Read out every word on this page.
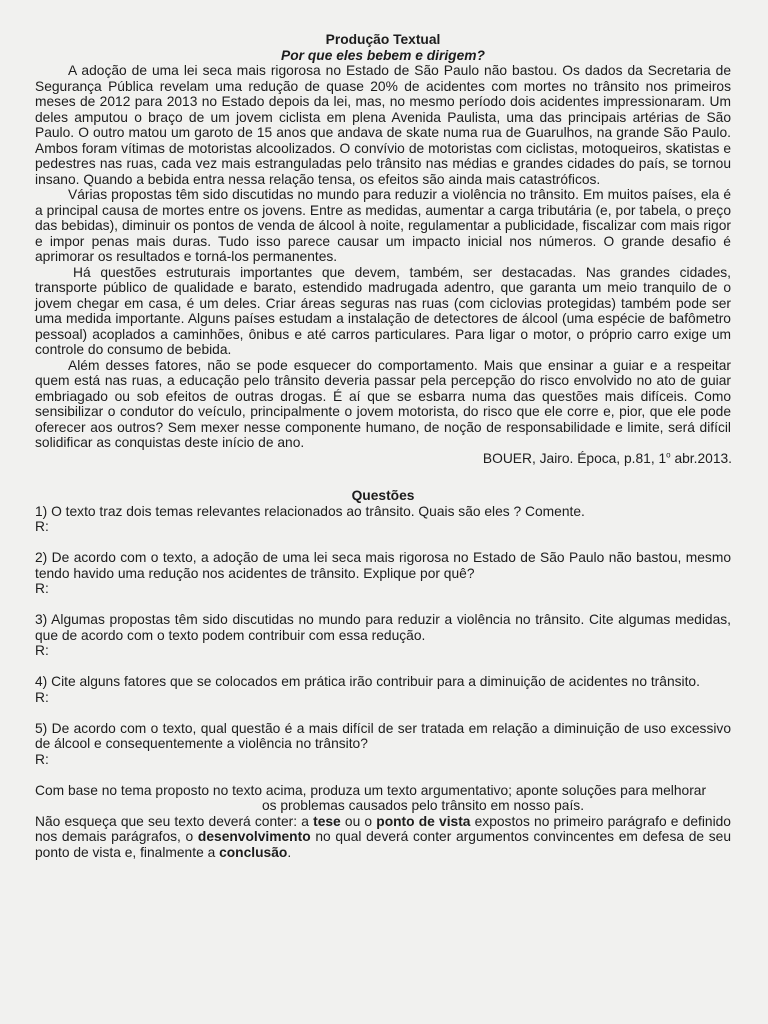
Produção Textual
Por que eles bebem e dirigem?

A adoção de uma lei seca mais rigorosa no Estado de São Paulo não bastou. Os dados da Secretaria de Segurança Pública revelam uma redução de quase 20% de acidentes com mortes no trânsito nos primeiros meses de 2012 para 2013 no Estado depois da lei, mas, no mesmo período dois acidentes impressionaram. Um deles amputou o braço de um jovem ciclista em plena Avenida Paulista, uma das principais artérias de São Paulo. O outro matou um garoto de 15 anos que andava de skate numa rua de Guarulhos, na grande São Paulo. Ambos foram vítimas de motoristas alcoolizados. O convívio de motoristas com ciclistas, motoqueiros, skatistas e pedestres nas ruas, cada vez mais estranguladas pelo trânsito nas médias e grandes cidades do país, se tornou insano. Quando a bebida entra nessa relação tensa, os efeitos são ainda mais catastróficos.

Várias propostas têm sido discutidas no mundo para reduzir a violência no trânsito. Em muitos países, ela é a principal causa de mortes entre os jovens. Entre as medidas, aumentar a carga tributária (e, por tabela, o preço das bebidas), diminuir os pontos de venda de álcool à noite, regulamentar a publicidade, fiscalizar com mais rigor e impor penas mais duras. Tudo isso parece causar um impacto inicial nos números. O grande desafio é aprimorar os resultados e torná-los permanentes.

Há questões estruturais importantes que devem, também, ser destacadas. Nas grandes cidades, transporte público de qualidade e barato, estendido madrugada adentro, que garanta um meio tranquilo de o jovem chegar em casa, é um deles. Criar áreas seguras nas ruas (com ciclovias protegidas) também pode ser uma medida importante. Alguns países estudam a instalação de detectores de álcool (uma espécie de bafômetro pessoal) acoplados a caminhões, ônibus e até carros particulares. Para ligar o motor, o próprio carro exige um controle do consumo de bebida.

Além desses fatores, não se pode esquecer do comportamento. Mais que ensinar a guiar e a respeitar quem está nas ruas, a educação pelo trânsito deveria passar pela percepção do risco envolvido no ato de guiar embriagado ou sob efeitos de outras drogas. É aí que se esbarra numa das questões mais difíceis. Como sensibilizar o condutor do veículo, principalmente o jovem motorista, do risco que ele corre e, pior, que ele pode oferecer aos outros? Sem mexer nesse componente humano, de noção de responsabilidade e limite, será difícil solidificar as conquistas deste início de ano.

BOUER, Jairo. Época, p.81, 1$^o$ abr.2013.
Questões

1) O texto traz dois temas relevantes relacionados ao trânsito. Quais são eles ? Comente.

R:

2) De acordo com o texto, a adoção de uma lei seca mais rigorosa no Estado de São Paulo não bastou, mesmo tendo havido uma redução nos acidentes de trânsito. Explique por quê?

R:

3) Algumas propostas têm sido discutidas no mundo para reduzir a violência no trânsito. Cite algumas medidas, que de acordo com o texto podem contribuir com essa redução.

R:

4) Cite alguns fatores que se colocados em prática irão contribuir para a diminuição de acidentes no trânsito.

R:

5) De acordo com o texto, qual questão é a mais difícil de ser tratada em relação a diminuição de uso excessivo de álcool e consequentemente a violência no trânsito?

R:
Com base no tema proposto no texto acima, produza um texto argumentativo; aponte soluções para melhorar
os problemas causados pelo trânsito em nosso país.

Não esqueça que seu texto deverá conter: a tese ou o ponto de vista expostos no primeiro parágrafo e definido nos demais parágrafos, o desenvolvimento no qual deverá conter argumentos convincentes em defesa de seu ponto de vista e, finalmente a conclusão.
